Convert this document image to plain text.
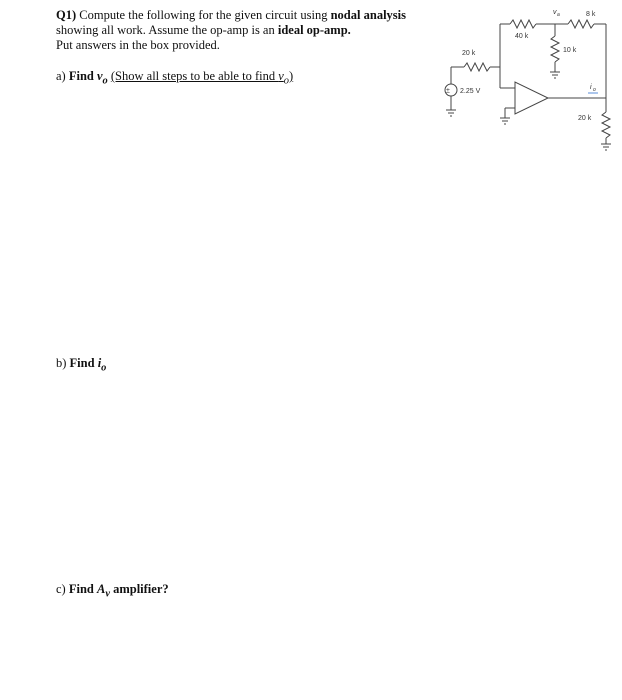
Q1) Compute the following for the given circuit using nodal analysis
showing all work. Assume the op-amp is an ideal op-amp.
Put answers in the box provided.
a) Find $v_o$ (Show all steps to be able to find $v_o$)
b) Find $i_o$
c) Find $A_v$ amplifier?
±
20 k
40 k
10 k
8 k
20 k
2.25 V
v a
i o
